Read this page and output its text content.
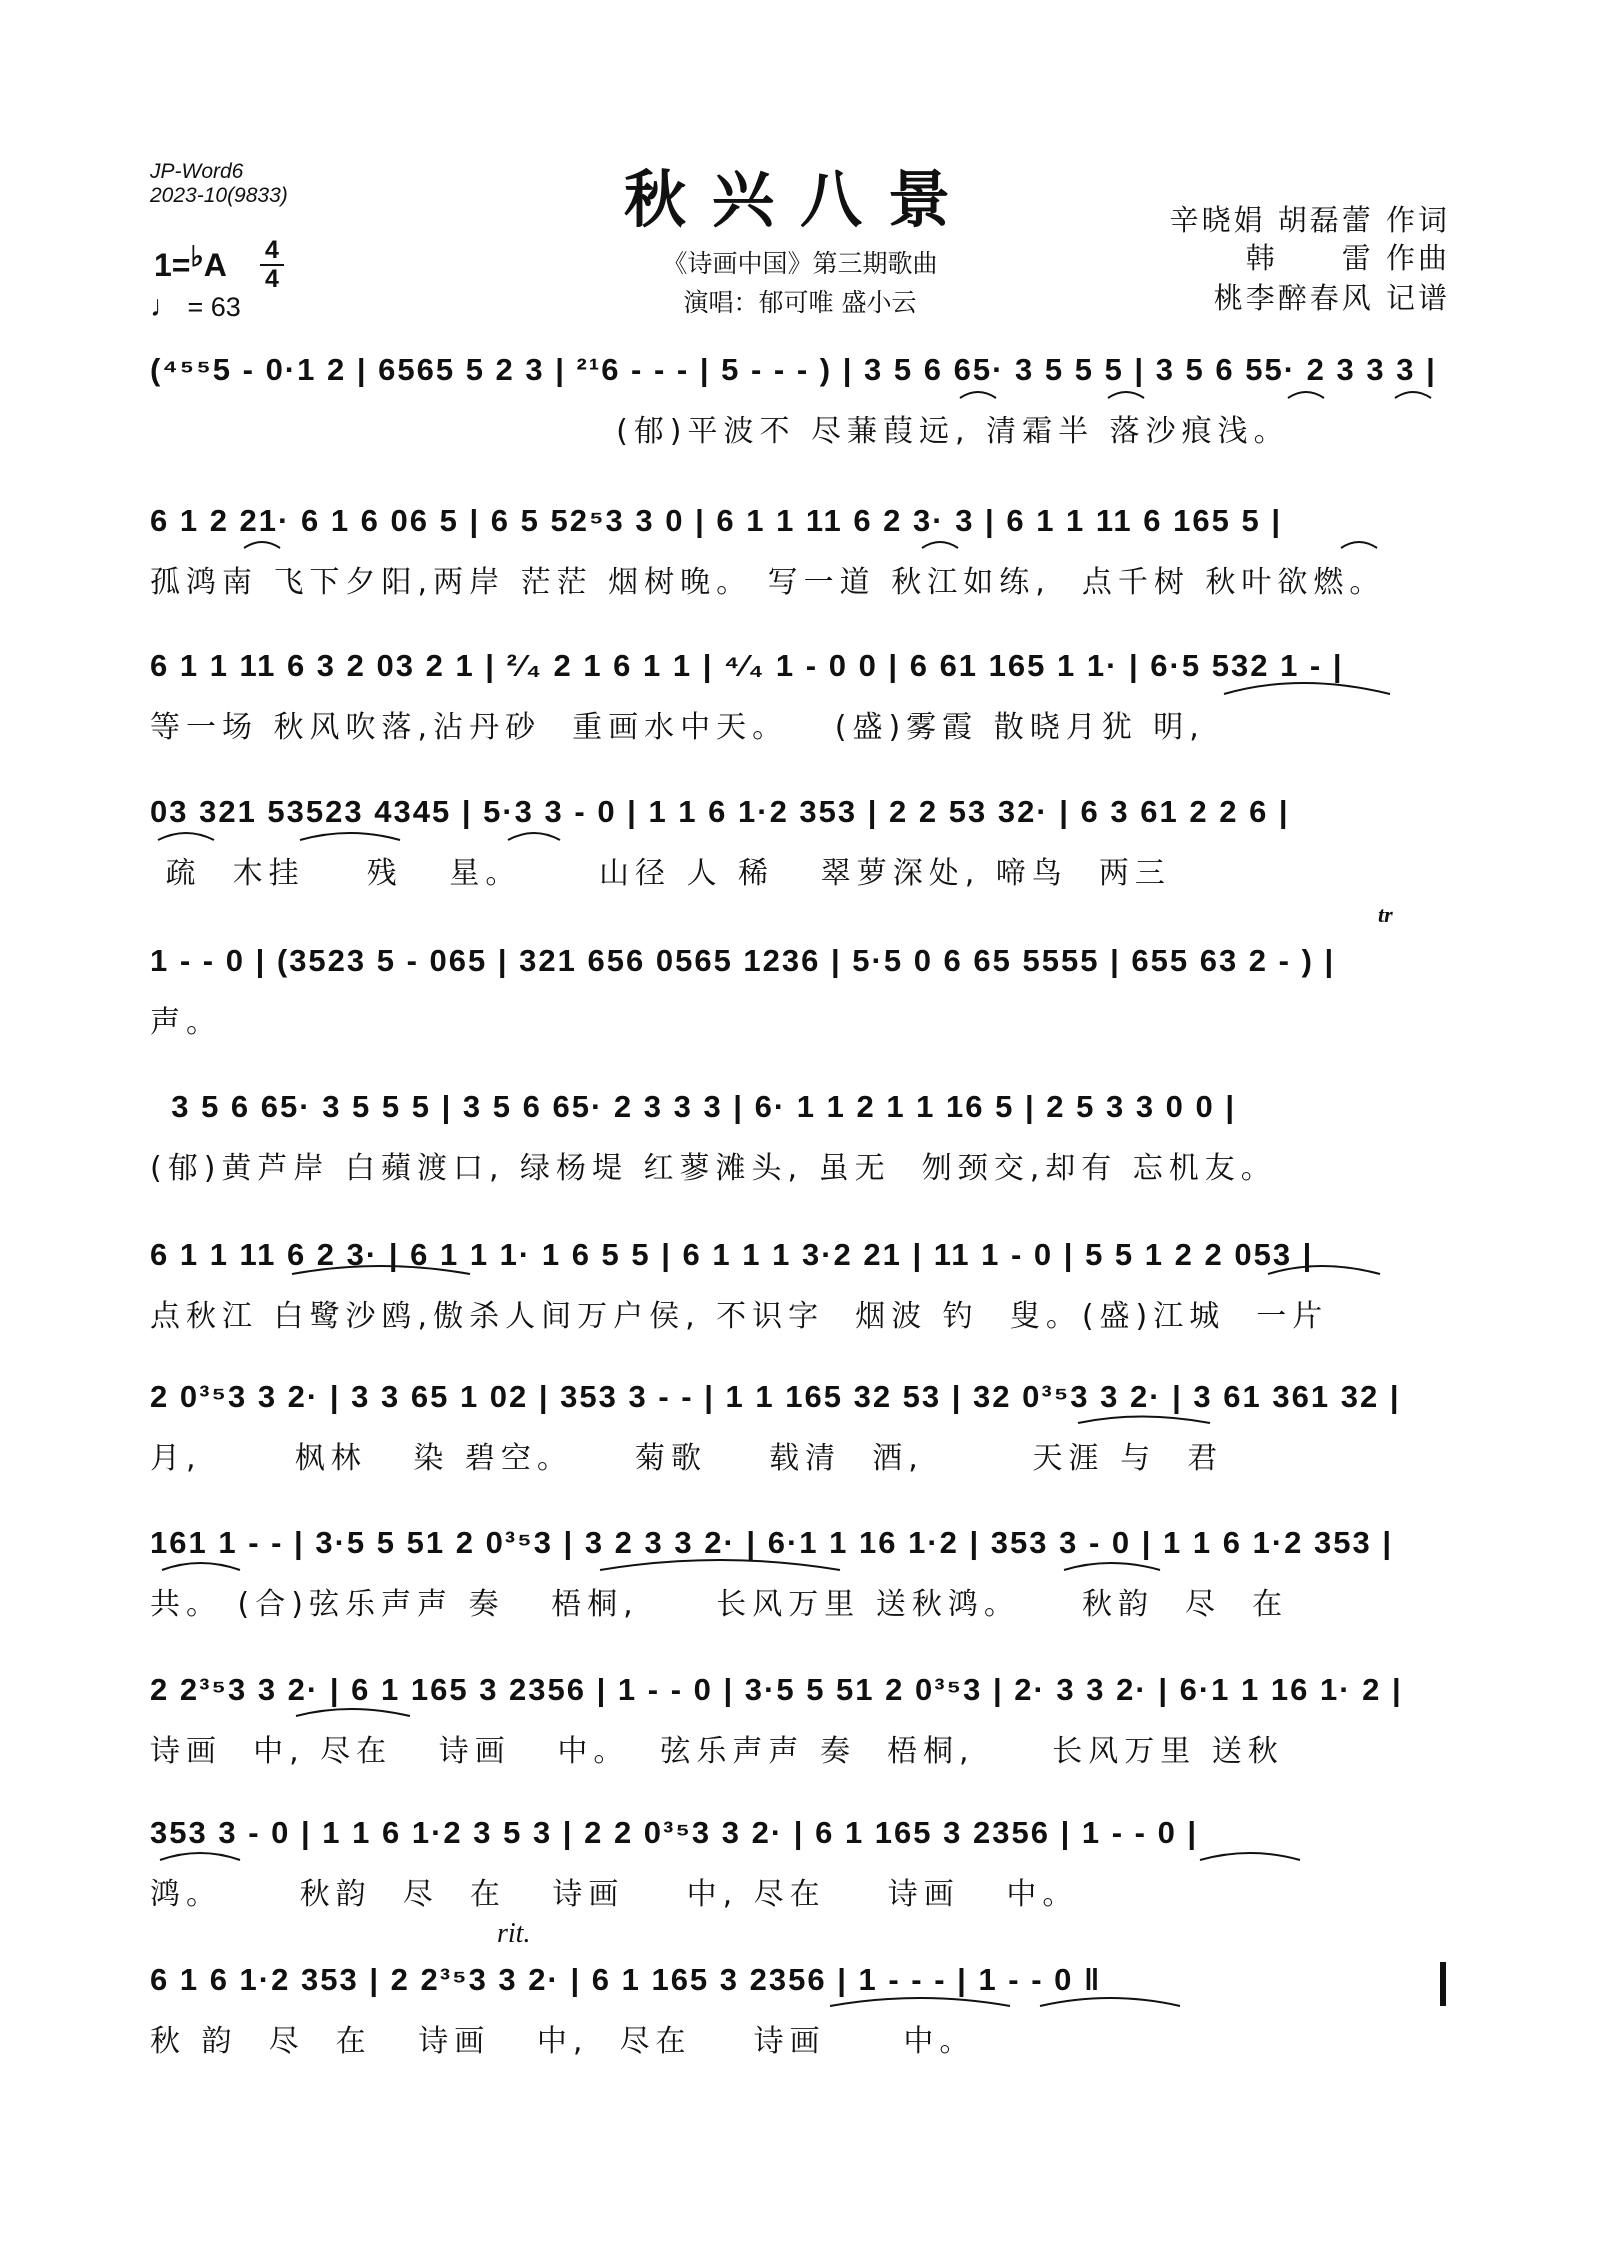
JP-Word6
2023-10(9833)	秋兴八景
《诗画中国》第三期歌曲
演唱：郁可唯 盛小云
辛晓娟 胡磊蕾 作词
韩　　雷 作曲
桃李醉春风 记谱
1=♭A 4
4
♩ = 63
(⁴⁵⁵5 - 0·1 2 | 6565 5 2 3 | ²¹6 - - - | 5 - - - ) | 3 5 6 65· 3 5 5 5 | 3 5 6 55· 2 3 3 3 |
(郁)平波不 尽蒹葭远, 清霜半 落沙痕浅。
6 1 2 21· 6 1 6 06 5 | 6 5 52⁵3 3 0 | 6 1 1 11 6 2 3· 3 | 6 1 1 11 6 165 5 |
孤鸿南 飞下夕阳,两岸 茫茫 烟树晚。 写一道 秋江如练,  点千树 秋叶欲燃。
6 1 1 11 6 3 2 03 2 1 | ²⁄₄ 2 1 6 1 1 | ⁴⁄₄ 1 - 0 0 | 6 61 165 1 1· | 6·5 532 1 - |
等一场 秋风吹落,沾丹砂  重画水中天。   (盛)雾霞 散晓月犹 明,
03 321 53523 4345 | 5·3 3 - 0 | 1 1 6 1·2 353 | 2 2 53 32· | 6 3 61 2 2 6 |
疏  木挂    残   星。     山径 人 稀   翠萝深处, 啼鸟  两三
1 - - 0 | (3523 5 - 065 | 321 656 0565 1236 | 5·5 0 6 65 5555 | 655 63 2 - ) |
声。
3 5 6 65· 3 5 5 5 | 3 5 6 65· 2 3 3 3 | 6· 1 1 2 1 1 16 5 | 2 5 3 3 0 0 |
(郁)黄芦岸 白蘋渡口, 绿杨堤 红蓼滩头, 虽无  刎颈交,却有 忘机友。
6 1 1 11 6 2 3· | 6 1 1 1· 1 6 5 5 | 6 1 1 1 3·2 21 | 11 1 - 0 | 5 5 1 2 2 053 |
点秋江 白鹭沙鸥,傲杀人间万户侯, 不识字  烟波 钓  叟。(盛)江城  一片
2 0³⁵3 3 2· | 3 3 65 1 02 | 353 3 - - | 1 1 165 32 53 | 32 0³⁵3 3 2· | 3 61 361 32 |
月,      枫林   染 碧空。    菊歌    载清  酒,       天涯 与  君
161 1 - - | 3·5 5 51 2 0³⁵3 | 3 2 3 3 2· | 6·1 1 16 1·2 | 353 3 - 0 | 1 1 6 1·2 353 |
共。 (合)弦乐声声 奏   梧桐,     长风万里 送秋鸿。    秋韵  尽  在
2 2³⁵3 3 2· | 6 1 165 3 2356 | 1 - - 0 | 3·5 5 51 2 0³⁵3 | 2· 3 3 2· | 6·1 1 16 1· 2 |
诗画  中, 尽在   诗画   中。  弦乐声声 奏  梧桐,     长风万里 送秋
353 3 - 0 | 1 1 6 1·2 3 5 3 | 2 2 0³⁵3 3 2· | 6 1 165 3 2356 | 1 - - 0 |
鸿。     秋韵  尽  在   诗画    中, 尽在    诗画   中。
6 1 6 1·2 353 | 2 2³⁵3 3 2· | 6 1 165 3 2356 | 1 - - - | 1 - - 0 ‖
秋 韵  尽  在   诗画   中,  尽在    诗画     中。
rit.
tr
